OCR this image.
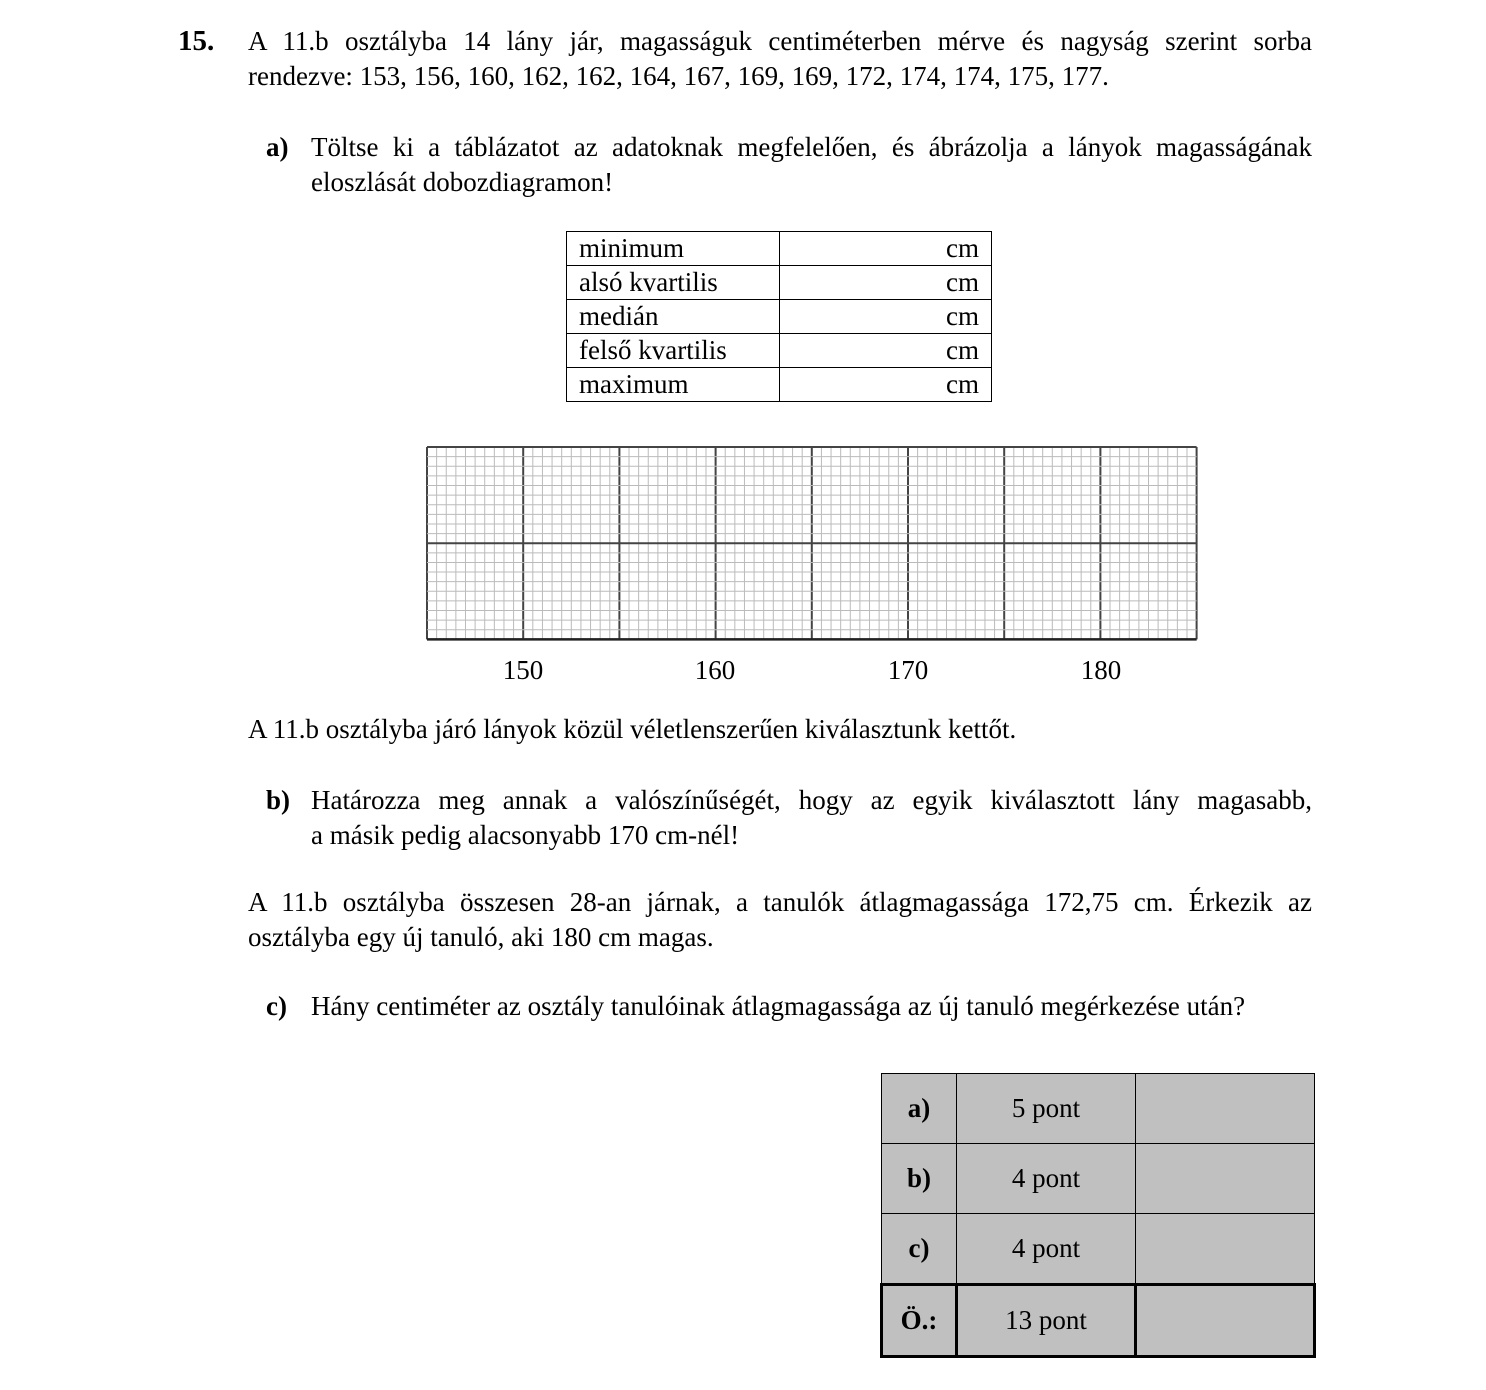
15. A 11.b osztályba 14 lány jár, magasságuk centiméterben mérve és nagyság szerint sorba
rendezve: 153, 156, 160, 162, 162, 164, 167, 169, 169, 172, 174, 174, 175, 177.
a) Töltse ki a táblázatot az adatoknak megfelelően, és ábrázolja a lányok magasságának
eloszlását dobozdiagramon!
minimum	cm
alsó kvartilis	cm
medián	cm
felső kvartilis	cm
maximum	cm
150	160	170	180
A 11.b osztályba járó lányok közül véletlenszerűen kiválasztunk kettőt.
b) Határozza meg annak a valószínűségét, hogy az egyik kiválasztott lány magasabb,
a másik pedig alacsonyabb 170 cm-nél!
A 11.b osztályba összesen 28-an járnak, a tanulók átlagmagassága 172,75 cm. Érkezik az
osztályba egy új tanuló, aki 180 cm magas.
c) Hány centiméter az osztály tanulóinak átlagmagassága az új tanuló megérkezése után?
a)	5 pont	
b)	4 pont	
c)	4 pont	
Ö.:	13 pont	
